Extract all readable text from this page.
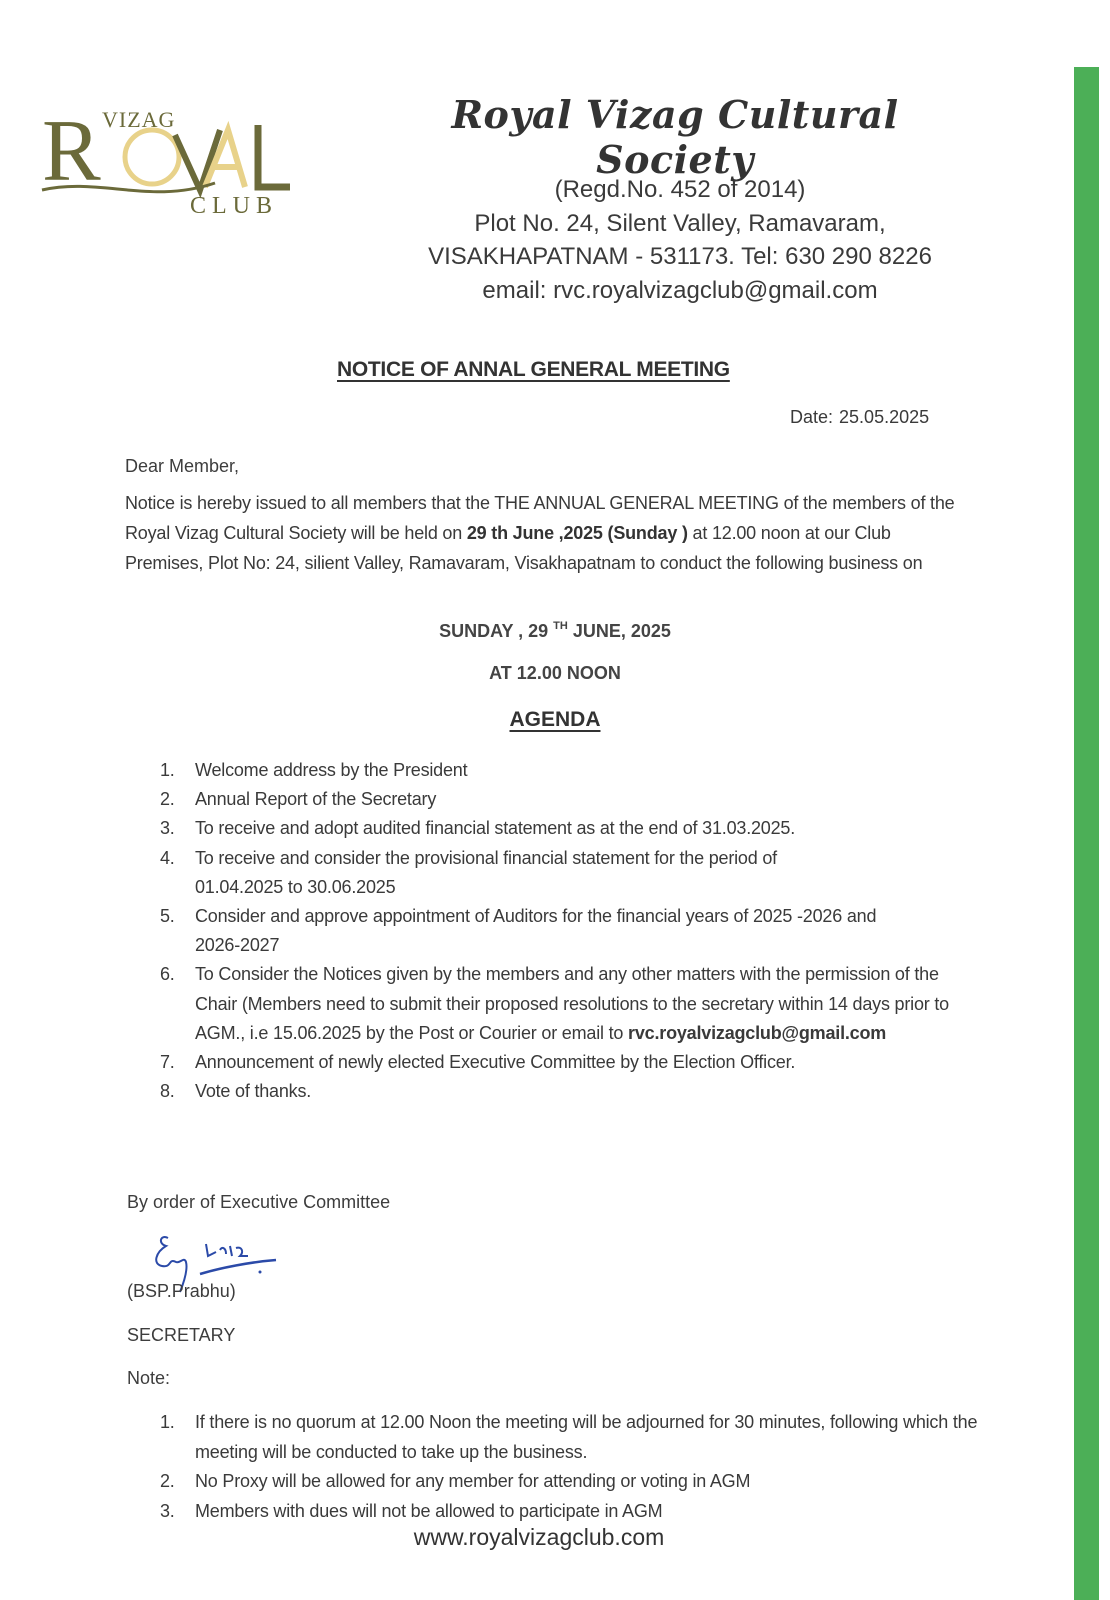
R VIZAG
CLUB
Royal Vizag Cultural Society
(Regd.No. 452 of 2014)
Plot No. 24, Silent Valley, Ramavaram,
VISAKHAPATNAM - 531173. Tel: 630 290 8226
email: rvc.royalvizagclub@gmail.com
NOTICE OF ANNAL GENERAL MEETING
Date: 25.05.2025
Dear Member,
Notice is hereby issued to all members that the THE ANNUAL GENERAL MEETING of the members of the Royal Vizag Cultural Society will be held on 29 th June ,2025 (Sunday ) at 12.00 noon at our Club Premises, Plot No: 24, silient Valley, Ramavaram, Visakhapatnam to conduct the following business on
SUNDAY , 29 $^{TH}$ JUNE, 2025
AT 12.00 NOON
AGENDA
1.	Welcome address by the President
2.	Annual Report of the Secretary
3.	To receive and adopt audited financial statement as at the end of 31.03.2025.
4.	To receive and consider the provisional financial statement for the period of 01.04.2025 to 30.06.2025
5.	Consider and approve appointment of Auditors for the financial years of 2025 -2026 and 2026-2027
6.	To Consider the Notices given by the members and any other matters with the permission of the Chair (Members need to submit their proposed resolutions to the secretary within 14 days prior to AGM., i.e 15.06.2025 by the Post or Courier or email to rvc.royalvizagclub@gmail.com
7.	Announcement of newly elected Executive Committee by the Election Officer.
8.	Vote of thanks.
By order of Executive Committee
(BSP.Prabhu)
SECRETARY
Note:
1.	If there is no quorum at 12.00 Noon the meeting will be adjourned for 30 minutes, following which the meeting will be conducted to take up the business.
2.	No Proxy will be allowed for any member for attending or voting in AGM
3.	Members with dues will not be allowed to participate in AGM
www.royalvizagclub.com
